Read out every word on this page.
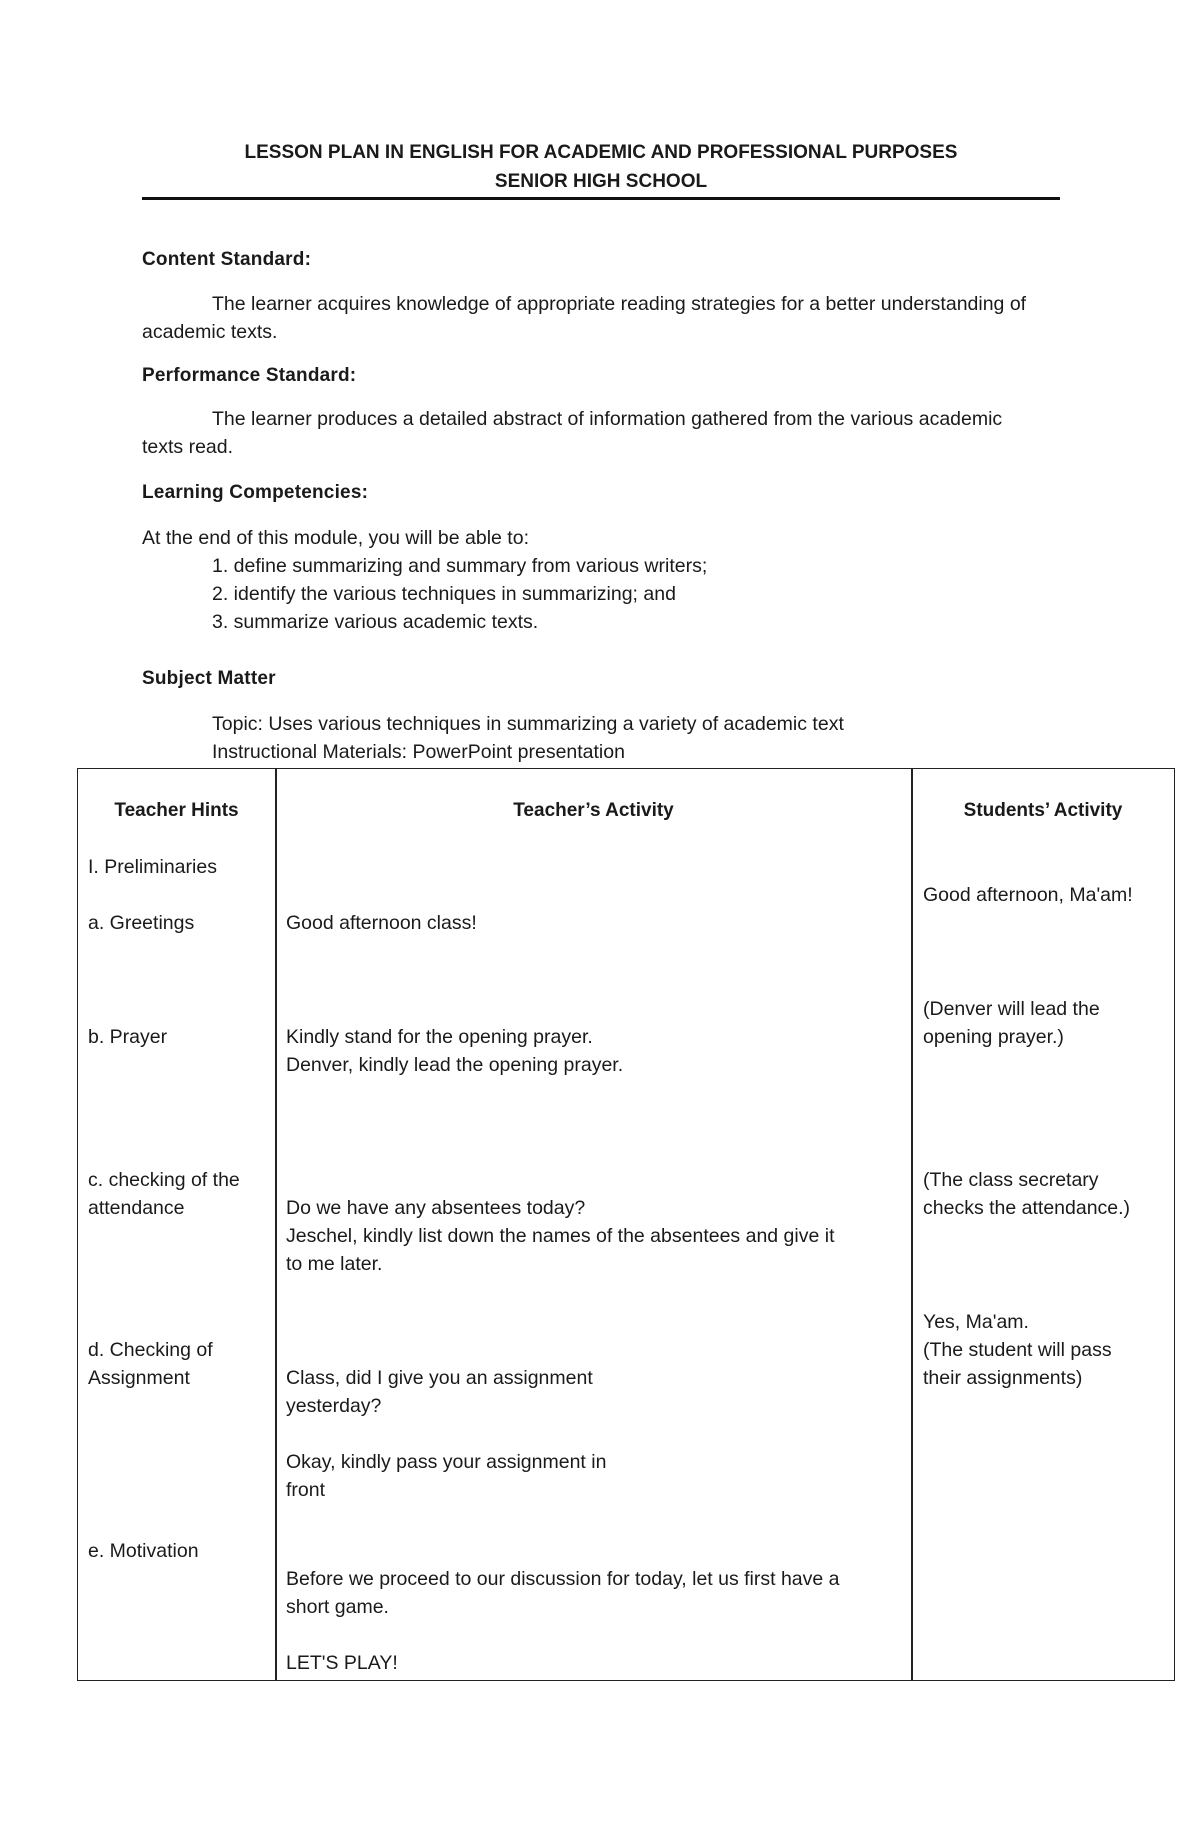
LESSON PLAN IN ENGLISH FOR ACADEMIC AND PROFESSIONAL PURPOSES
SENIOR HIGH SCHOOL
Content Standard:
The learner acquires knowledge of appropriate reading strategies for a better understanding of academic texts.
Performance Standard:
The learner produces a detailed abstract of information gathered from the various academic texts read.
Learning Competencies:
At the end of this module, you will be able to:
1. define summarizing and summary from various writers;
2. identify the various techniques in summarizing; and
3. summarize various academic texts.
Subject Matter
Topic: Uses various techniques in summarizing a variety of academic text
Instructional Materials: PowerPoint presentation
Teacher Hints	Teacher’s Activity	Students’ Activity
I. Preliminaries
a. Greetings
b. Prayer
c. checking of the
attendance
d. Checking of
Assignment
e. Motivation
Good afternoon class!
Kindly stand for the opening prayer.
Denver, kindly lead the opening prayer.
Do we have any absentees today?
Jeschel, kindly list down the names of the absentees and give it
to me later.
Class, did I give you an assignment
yesterday?
Okay, kindly pass your assignment in
front
Before we proceed to our discussion for today, let us first have a
short game.
LET'S PLAY!
Good afternoon, Ma'am!
(Denver will lead the
opening prayer.)
(The class secretary
checks the attendance.)
Yes, Ma'am.
(The student will pass
their assignments)
